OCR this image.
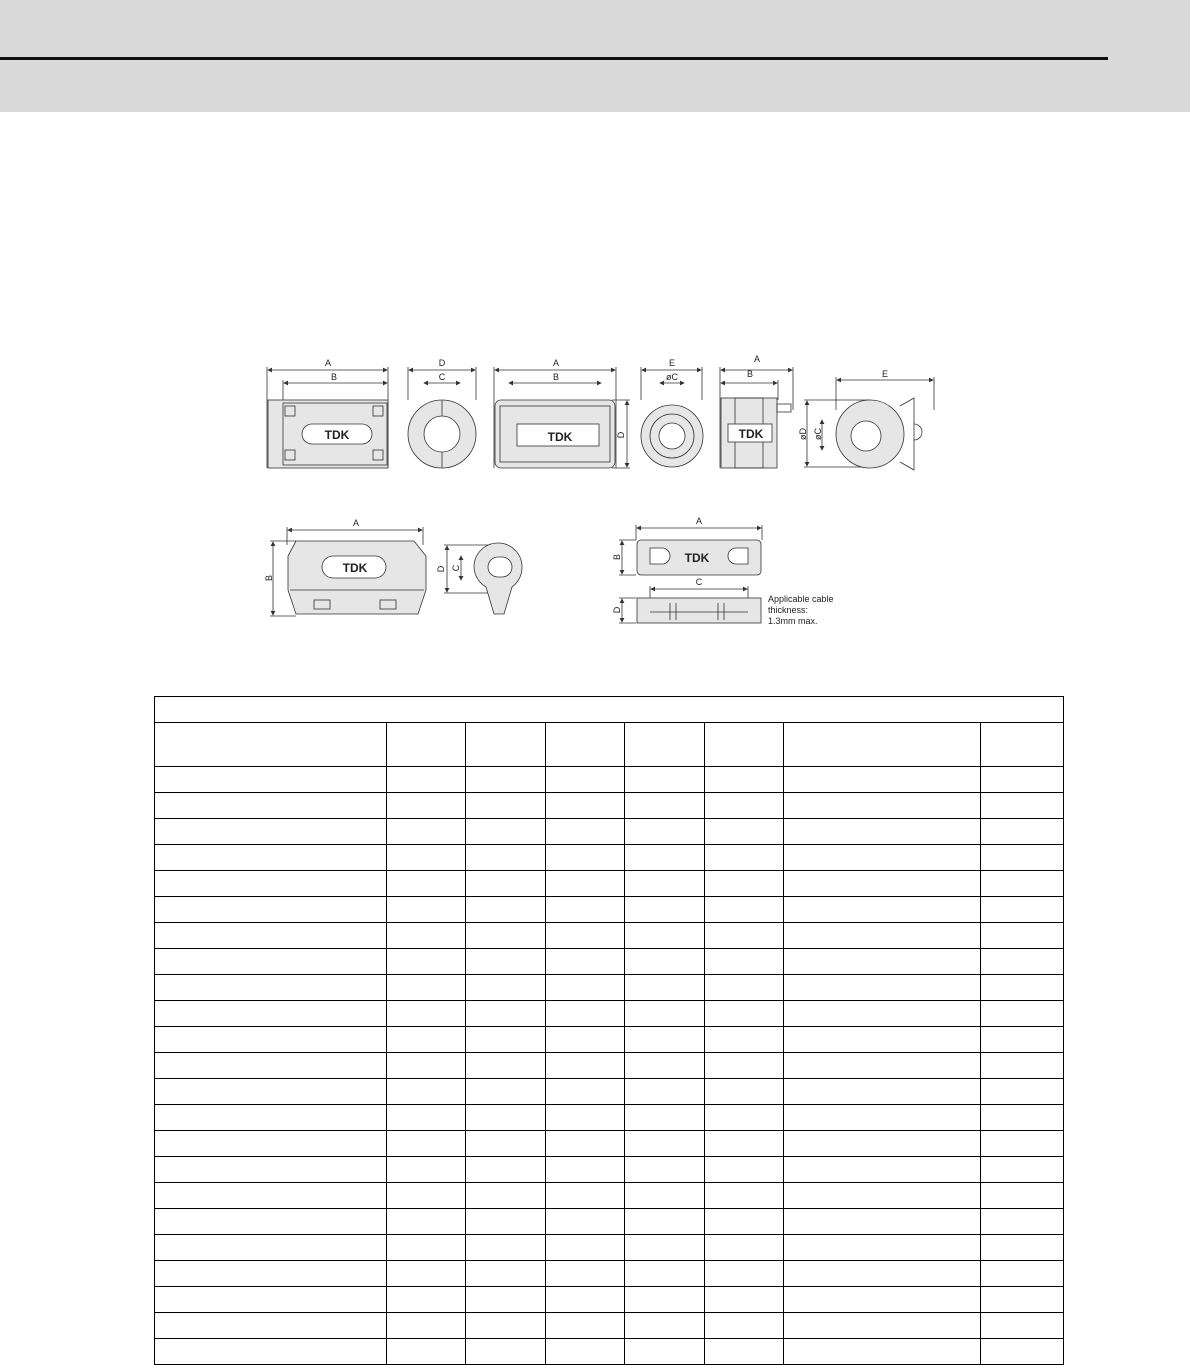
A
B
D
C
A
B
D
E
øC
A
B	E
øD øC
A
B
D C
A
B
C
D
TDK	TDK	TDK
TDK
TDK
Applicable cable
thickness:
1.3mm max.
